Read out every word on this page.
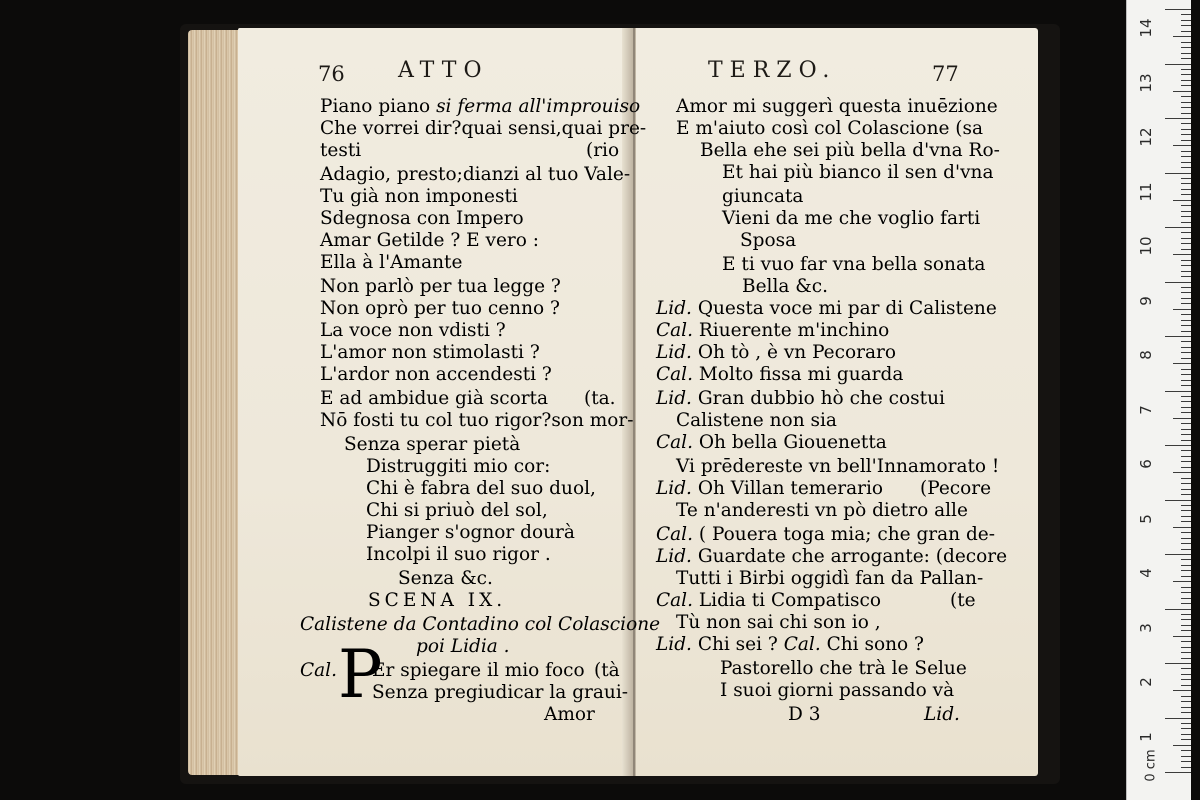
76 ATTO	TERZO.	77
Piano piano si ferma all'improuiso
Che vorrei dir?quai sensi,quai pre-
testi	(rio
Adagio, presto;dianzi al tuo Vale-
Tu già non imponesti
Sdegnosa con Impero
Amar Getilde ? E vero :
Ella à l'Amante
Non parlò per tua legge ?
Non oprò per tuo cenno ?
La voce non vdisti ?
L'amor non stimolasti ?
L'ardor non accendesti ?
E ad ambidue già scorta (ta.
Nō fosti tu col tuo rigor?son mor-
Senza sperar pietà
Distruggiti mio cor:
Chi è fabra del suo duol,
Chi si priuò del sol,
Pianger s'ognor dourà
Incolpi il suo rigor .
Senza &c.
SCENA IX.
Calistene da Contadino col Colascione
poi Lidia .
Cal. P
Er spiegare il mio foco (tà
Senza pregiudicar la graui-
Amor
Amor mi suggerì questa inuēzione
E m'aiuto così col Colascione (sa
Bella ehe sei più bella d'vna Ro-
Et hai più bianco il sen d'vna
giuncata
Vieni da me che voglio farti
Sposa
E ti vuo far vna bella sonata
Bella &c.
Lid. Questa voce mi par di Calistene
Cal. Riuerente m'inchino
Lid. Oh tò , è vn Pecoraro
Cal. Molto fissa mi guarda
Lid. Gran dubbio hò che costui
Calistene non sia
Cal. Oh bella Giouenetta
Vi prēdereste vn bell'Innamorato !
Lid. Oh Villan temerario (Pecore
Te n'anderesti vn pò dietro alle
Cal. ( Pouera toga mia; che gran de-
Lid. Guardate che arrogante: (decore
Tutti i Birbi oggidì fan da Pallan-
Cal. Lidia ti Compatisco	(te
Tù non sai chi son io ,
Lid. Chi sei ? Cal. Chi sono ?
Pastorello che trà le Selue
I suoi giorni passando và
D 3	Lid.
0 cm
14
13
12
11
10
9
8
7
6
5
4
3
2
1
